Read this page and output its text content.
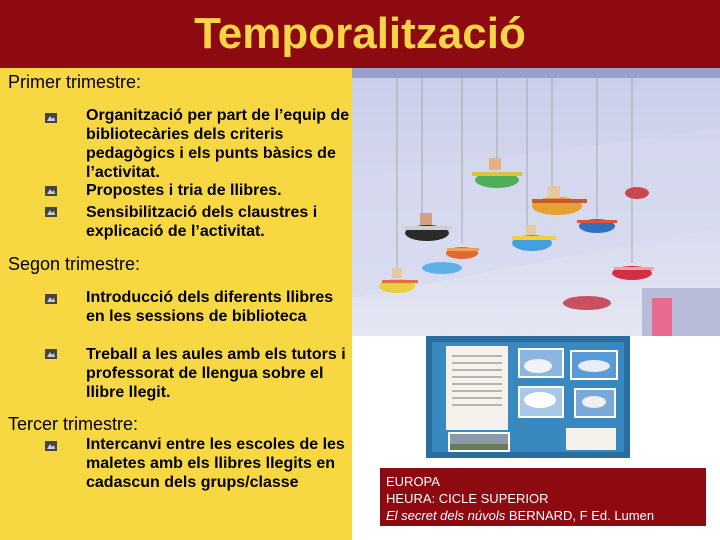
Temporalització
Primer trimestre:
Organització per part de l’equip de bibliotecàries dels criteris pedagògics i els punts bàsics de l’activitat.
Propostes i tria de llibres.
Sensibilització dels claustres i explicació de l’activitat.
Segon trimestre:
Introducció dels diferents llibres en les sessions de biblioteca
Treball a les aules amb els tutors i professorat de llengua sobre el llibre llegit.
Tercer trimestre:
Intercanvi entre les escoles de les maletes amb els llibres llegits en cadascun dels grups/classe	EUROPA
HEURA: CICLE SUPERIOR
El secret dels núvols BERNARD, F Ed. Lumen
